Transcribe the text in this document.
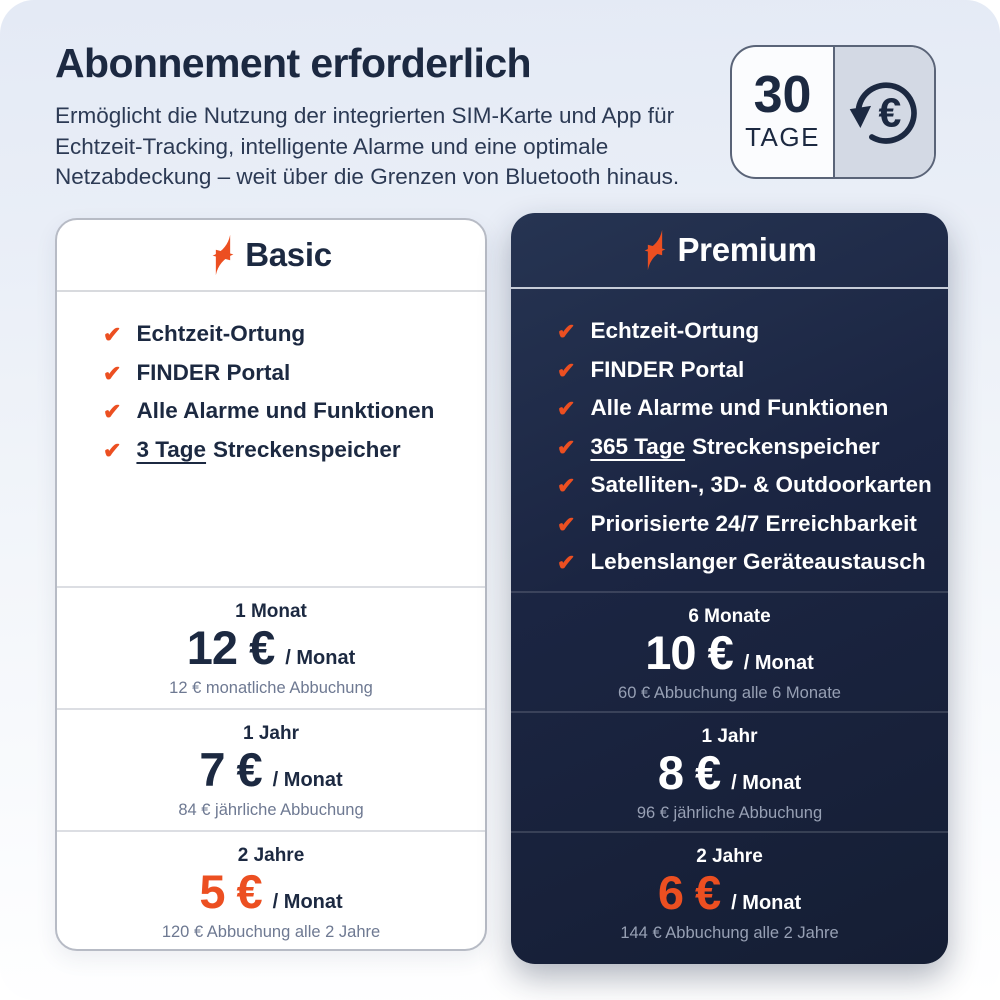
Abonnement erforderlich

Ermöglicht die Nutzung der integrierten SIM-Karte und App für Echtzeit-Tracking, intelligente Alarme und eine optimale Netzabdeckung – weit über die Grenzen von Bluetooth hinaus.

30
TAGE
€
Basic
✔ Echtzeit-Ortung
✔ FINDER Portal
✔ Alle Alarme und Funktionen
✔ 3 Tage Streckenspeicher
1 Monat
12 € / Monat
12 € monatliche Abbuchung
1 Jahr
7 € / Monat
84 € jährliche Abbuchung
2 Jahre
5 € / Monat
120 € Abbuchung alle 2 Jahre
Premium
✔ Echtzeit-Ortung
✔ FINDER Portal
✔ Alle Alarme und Funktionen
✔ 365 Tage Streckenspeicher
✔ Satelliten-, 3D- & Outdoorkarten
✔ Priorisierte 24/7 Erreichbarkeit
✔ Lebenslanger Geräteaustausch
6 Monate
10 € / Monat
60 € Abbuchung alle 6 Monate
1 Jahr
8 € / Monat
96 € jährliche Abbuchung
2 Jahre
6 € / Monat
144 € Abbuchung alle 2 Jahre
